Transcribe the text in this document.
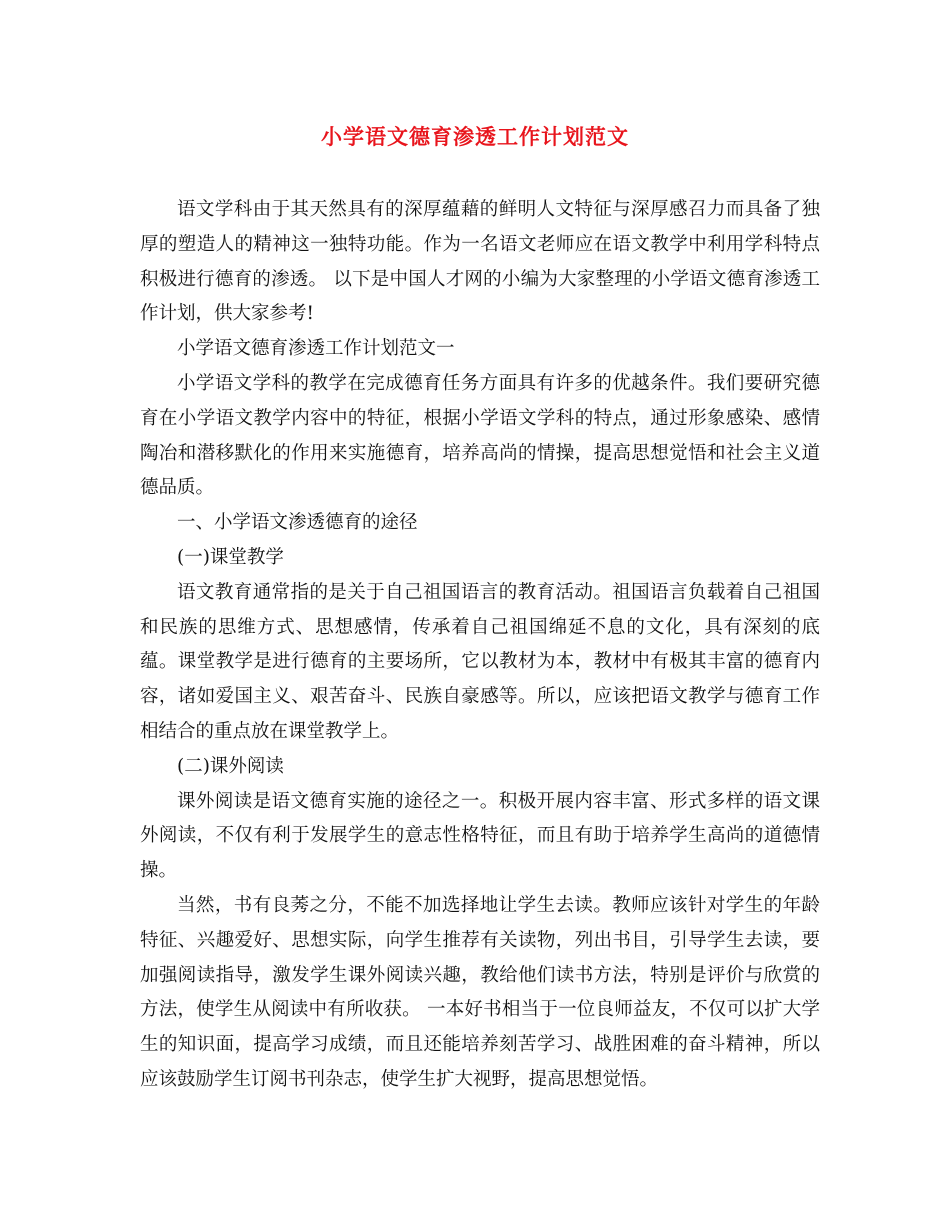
小学语文德育渗透工作计划范文

语文学科由于其天然具有的深厚蕴藉的鲜明人文特征与深厚感召力而具备了独厚的塑造人的精神这一独特功能。作为一名语文老师应在语文教学中利用学科特点积极进行德育的渗透。 以下是中国人才网的小编为大家整理的小学语文德育渗透工作计划，供大家参考!

小学语文德育渗透工作计划范文一

小学语文学科的教学在完成德育任务方面具有许多的优越条件。我们要研究德育在小学语文教学内容中的特征，根据小学语文学科的特点，通过形象感染、感情陶冶和潜移默化的作用来实施德育，培养高尚的情操，提高思想觉悟和社会主义道德品质。

一、小学语文渗透德育的途径

(一)课堂教学

语文教育通常指的是关于自己祖国语言的教育活动。祖国语言负载着自己祖国和民族的思维方式、思想感情，传承着自己祖国绵延不息的文化，具有深刻的底蕴。课堂教学是进行德育的主要场所，它以教材为本，教材中有极其丰富的德育内容，诸如爱国主义、艰苦奋斗、民族自豪感等。所以，应该把语文教学与德育工作相结合的重点放在课堂教学上。

(二)课外阅读

课外阅读是语文德育实施的途径之一。积极开展内容丰富、形式多样的语文课外阅读，不仅有利于发展学生的意志性格特征，而且有助于培养学生高尚的道德情操。

当然，书有良莠之分，不能不加选择地让学生去读。教师应该针对学生的年龄特征、兴趣爱好、思想实际，向学生推荐有关读物，列出书目，引导学生去读，要加强阅读指导，激发学生课外阅读兴趣，教给他们读书方法，特别是评价与欣赏的方法，使学生从阅读中有所收获。 一本好书相当于一位良师益友，不仅可以扩大学生的知识面，提高学习成绩，而且还能培养刻苦学习、战胜困难的奋斗精神，所以应该鼓励学生订阅书刊杂志，使学生扩大视野，提高思想觉悟。
